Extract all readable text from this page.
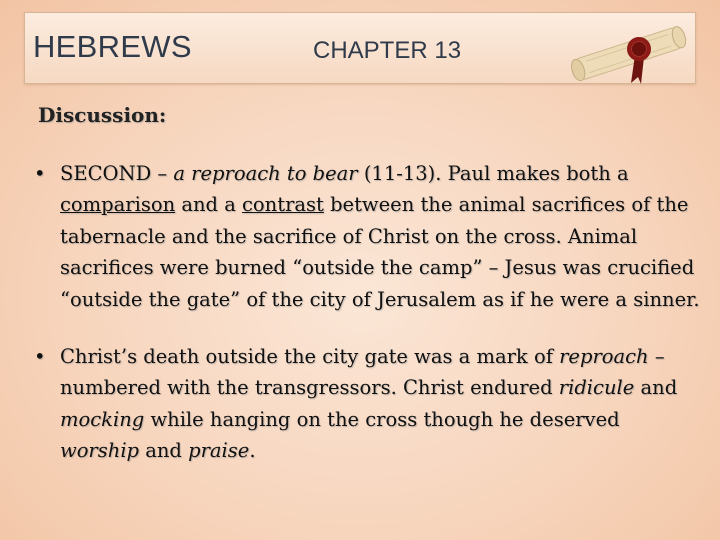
HEBREWS	CHAPTER 13
Discussion:
• SECOND – a reproach to bear (11-13). Paul makes both a comparison and a contrast between the animal sacrifices of the tabernacle and the sacrifice of Christ on the cross. Animal sacrifices were burned “outside the camp” – Jesus was crucified “outside the gate” of the city of Jerusalem as if he were a sinner.
• Christ’s death outside the city gate was a mark of reproach – numbered with the transgressors. Christ endured ridicule and mocking while hanging on the cross though he deserved worship and praise.
